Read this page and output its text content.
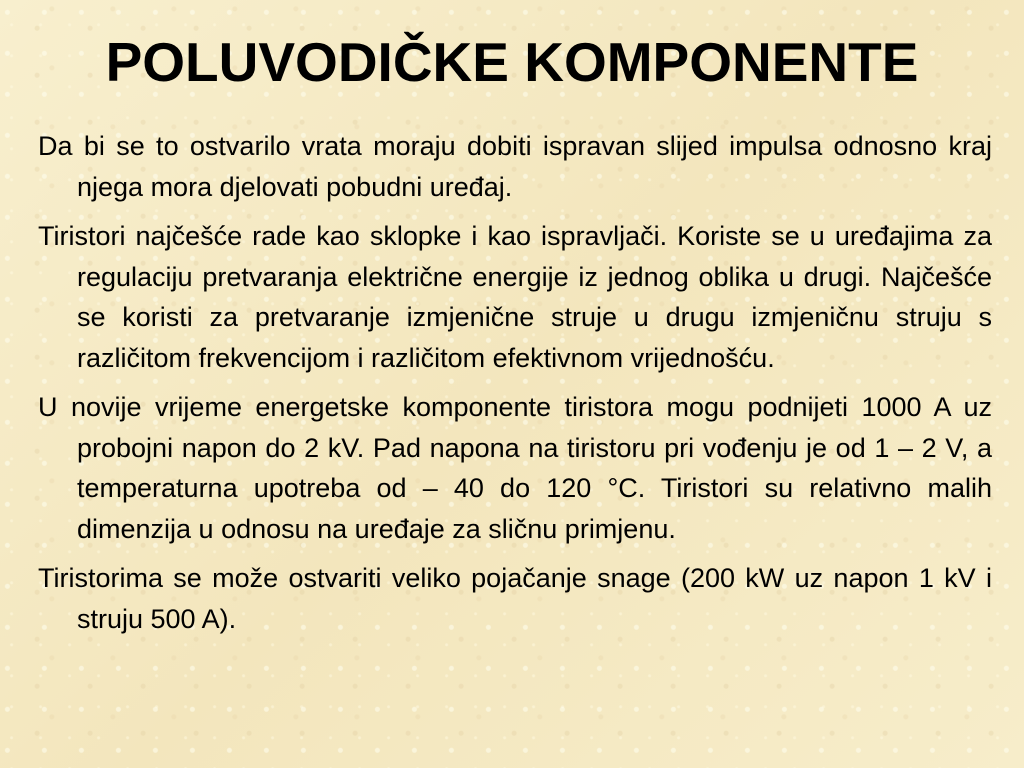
POLUVODIČKE KOMPONENTE
Da bi se to ostvarilo vrata moraju dobiti ispravan slijed impulsa odnosno kraj njega mora djelovati pobudni uređaj.
Tiristori najčešće rade kao sklopke i kao ispravljači. Koriste se u uređajima za regulaciju pretvaranja električne energije iz jednog oblika u drugi. Najčešće se koristi za pretvaranje izmjenične struje u drugu izmjeničnu struju s različitom frekvencijom i različitom efektivnom vrijednošću.
U novije vrijeme energetske komponente tiristora mogu podnijeti 1000 A uz probojni napon do 2 kV. Pad napona na tiristoru pri vođenju je od 1 – 2 V, a temperaturna upotreba od – 40 do 120 °C. Tiristori su relativno malih dimenzija u odnosu na uređaje za sličnu primjenu.
Tiristorima se može ostvariti veliko pojačanje snage (200 kW uz napon 1 kV i struju 500 A).
